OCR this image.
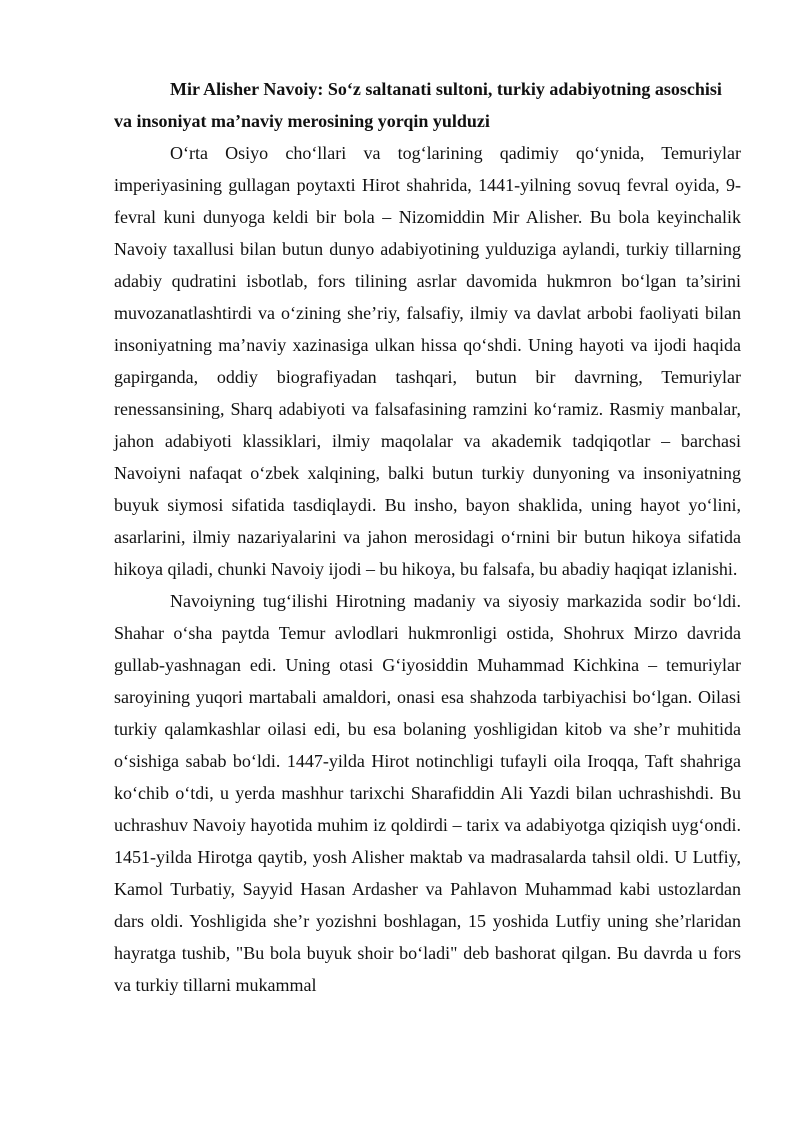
Mir Alisher Navoiy: So‘z saltanati sultoni, turkiy adabiyotning asoschisi va insoniyat ma’naviy merosining yorqin yulduzi

O‘rta Osiyo cho‘llari va tog‘larining qadimiy qo‘ynida, Temuriylar imperiyasining gullagan poytaxti Hirot shahrida, 1441-yilning sovuq fevral oyida, 9-fevral kuni dunyoga keldi bir bola – Nizomiddin Mir Alisher. Bu bola keyinchalik Navoiy taxallusi bilan butun dunyo adabiyotining yulduziga aylandi, turkiy tillarning adabiy qudratini isbotlab, fors tilining asrlar davomida hukmron bo‘lgan ta’sirini muvozanatlashtirdi va o‘zining she’riy, falsafiy, ilmiy va davlat arbobi faoliyati bilan insoniyatning ma’naviy xazinasiga ulkan hissa qo‘shdi. Uning hayoti va ijodi haqida gapirganda, oddiy biografiyadan tashqari, butun bir davrning, Temuriylar renessansining, Sharq adabiyoti va falsafasining ramzini ko‘ramiz. Rasmiy manbalar, jahon adabiyoti klassiklari, ilmiy maqolalar va akademik tadqiqotlar – barchasi Navoiyni nafaqat o‘zbek xalqining, balki butun turkiy dunyoning va insoniyatning buyuk siymosi sifatida tasdiqlaydi. Bu insho, bayon shaklida, uning hayot yo‘lini, asarlarini, ilmiy nazariyalarini va jahon merosidagi o‘rnini bir butun hikoya sifatida hikoya qiladi, chunki Navoiy ijodi – bu hikoya, bu falsafa, bu abadiy haqiqat izlanishi.

Navoiyning tug‘ilishi Hirotning madaniy va siyosiy markazida sodir bo‘ldi. Shahar o‘sha paytda Temur avlodlari hukmronligi ostida, Shohrux Mirzo davrida gullab-yashnagan edi. Uning otasi G‘iyosiddin Muhammad Kichkina – temuriylar saroyining yuqori martabali amaldori, onasi esa shahzoda tarbiyachisi bo‘lgan. Oilasi turkiy qalamkashlar oilasi edi, bu esa bolaning yoshligidan kitob va she’r muhitida o‘sishiga sabab bo‘ldi. 1447-yilda Hirot notinchligi tufayli oila Iroqqa, Taft shahriga ko‘chib o‘tdi, u yerda mashhur tarixchi Sharafiddin Ali Yazdi bilan uchrashishdi. Bu uchrashuv Navoiy hayotida muhim iz qoldirdi – tarix va adabiyotga qiziqish uyg‘ondi. 1451-yilda Hirotga qaytib, yosh Alisher maktab va madrasalarda tahsil oldi. U Lutfiy, Kamol Turbatiy, Sayyid Hasan Ardasher va Pahlavon Muhammad kabi ustozlardan dars oldi. Yoshligida she’r yozishni boshlagan, 15 yoshida Lutfiy uning she’rlaridan hayratga tushib, "Bu bola buyuk shoir bo‘ladi" deb bashorat qilgan. Bu davrda u fors va turkiy tillarni mukammal
